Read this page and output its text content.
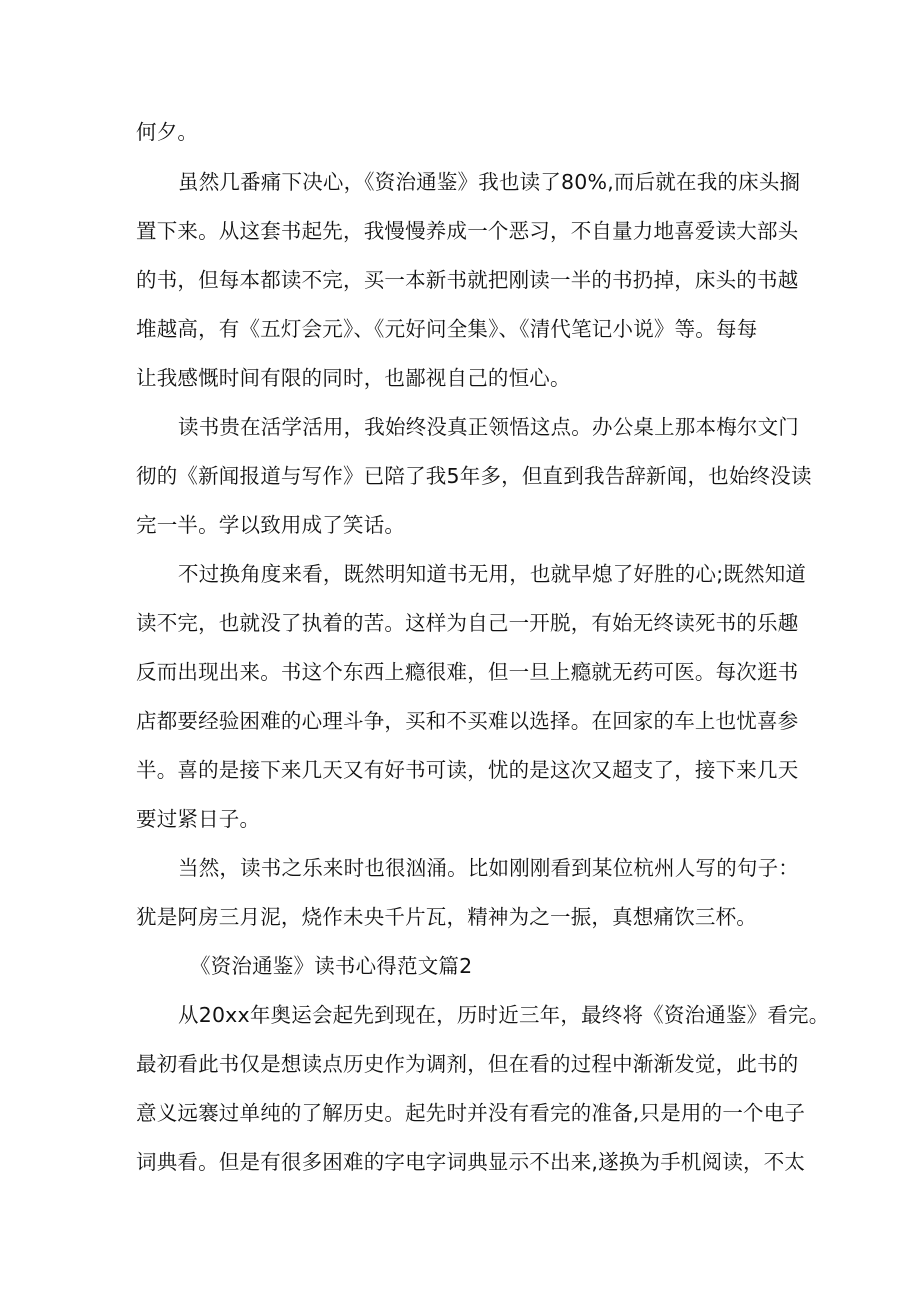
何夕。
虽然几番痛下决心，《资治通鉴》我也读了80%,而后就在我的床头搁
置下来。从这套书起先，我慢慢养成一个恶习，不自量力地喜爱读大部头
的书，但每本都读不完，买一本新书就把刚读一半的书扔掉，床头的书越
堆越高，有《五灯会元》、《元好问全集》、《清代笔记小说》等。每每
让我感慨时间有限的同时，也鄙视自己的恒心。
读书贵在活学活用，我始终没真正领悟这点。办公桌上那本梅尔文门
彻的《新闻报道与写作》已陪了我5年多，但直到我告辞新闻，也始终没读
完一半。学以致用成了笑话。
不过换角度来看，既然明知道书无用，也就早熄了好胜的心;既然知道
读不完，也就没了执着的苦。这样为自己一开脱，有始无终读死书的乐趣
反而出现出来。书这个东西上瘾很难，但一旦上瘾就无药可医。每次逛书
店都要经验困难的心理斗争，买和不买难以选择。在回家的车上也忧喜参
半。喜的是接下来几天又有好书可读，忧的是这次又超支了，接下来几天
要过紧日子。
当然，读书之乐来时也很汹涌。比如刚刚看到某位杭州人写的句子：
犹是阿房三月泥，烧作未央千片瓦，精神为之一振，真想痛饮三杯。
《资治通鉴》读书心得范文篇2
从20xx年奥运会起先到现在，历时近三年，最终将《资治通鉴》看完。
最初看此书仅是想读点历史作为调剂，但在看的过程中渐渐发觉，此书的
意义远褰过单纯的了解历史。起先时并没有看完的准备,只是用的一个电子
词典看。但是有很多困难的字电字词典显示不出来,遂换为手机阅读，不太
